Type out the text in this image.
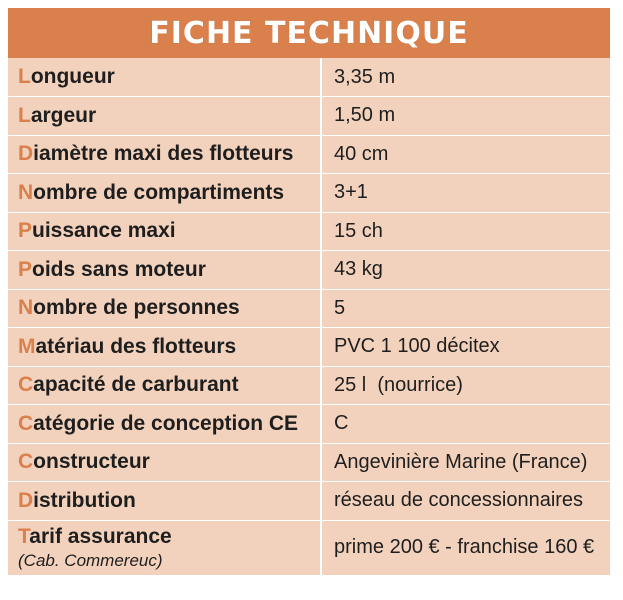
FICHE TECHNIQUE
Longueur	3,35 m
Largeur	1,50 m
Diamètre maxi des flotteurs	40 cm
Nombre de compartiments	3+1
Puissance maxi	15 ch
Poids sans moteur	43 kg
Nombre de personnes	5
Matériau des flotteurs	PVC 1 100 décitex
Capacité de carburant	25 l  (nourrice)
Catégorie de conception CE	C
Constructeur	Angevinière Marine (France)
Distribution	réseau de concessionnaires

Tarif assurance
(Cab. Commereuc)	prime 200 € - franchise 160 €
